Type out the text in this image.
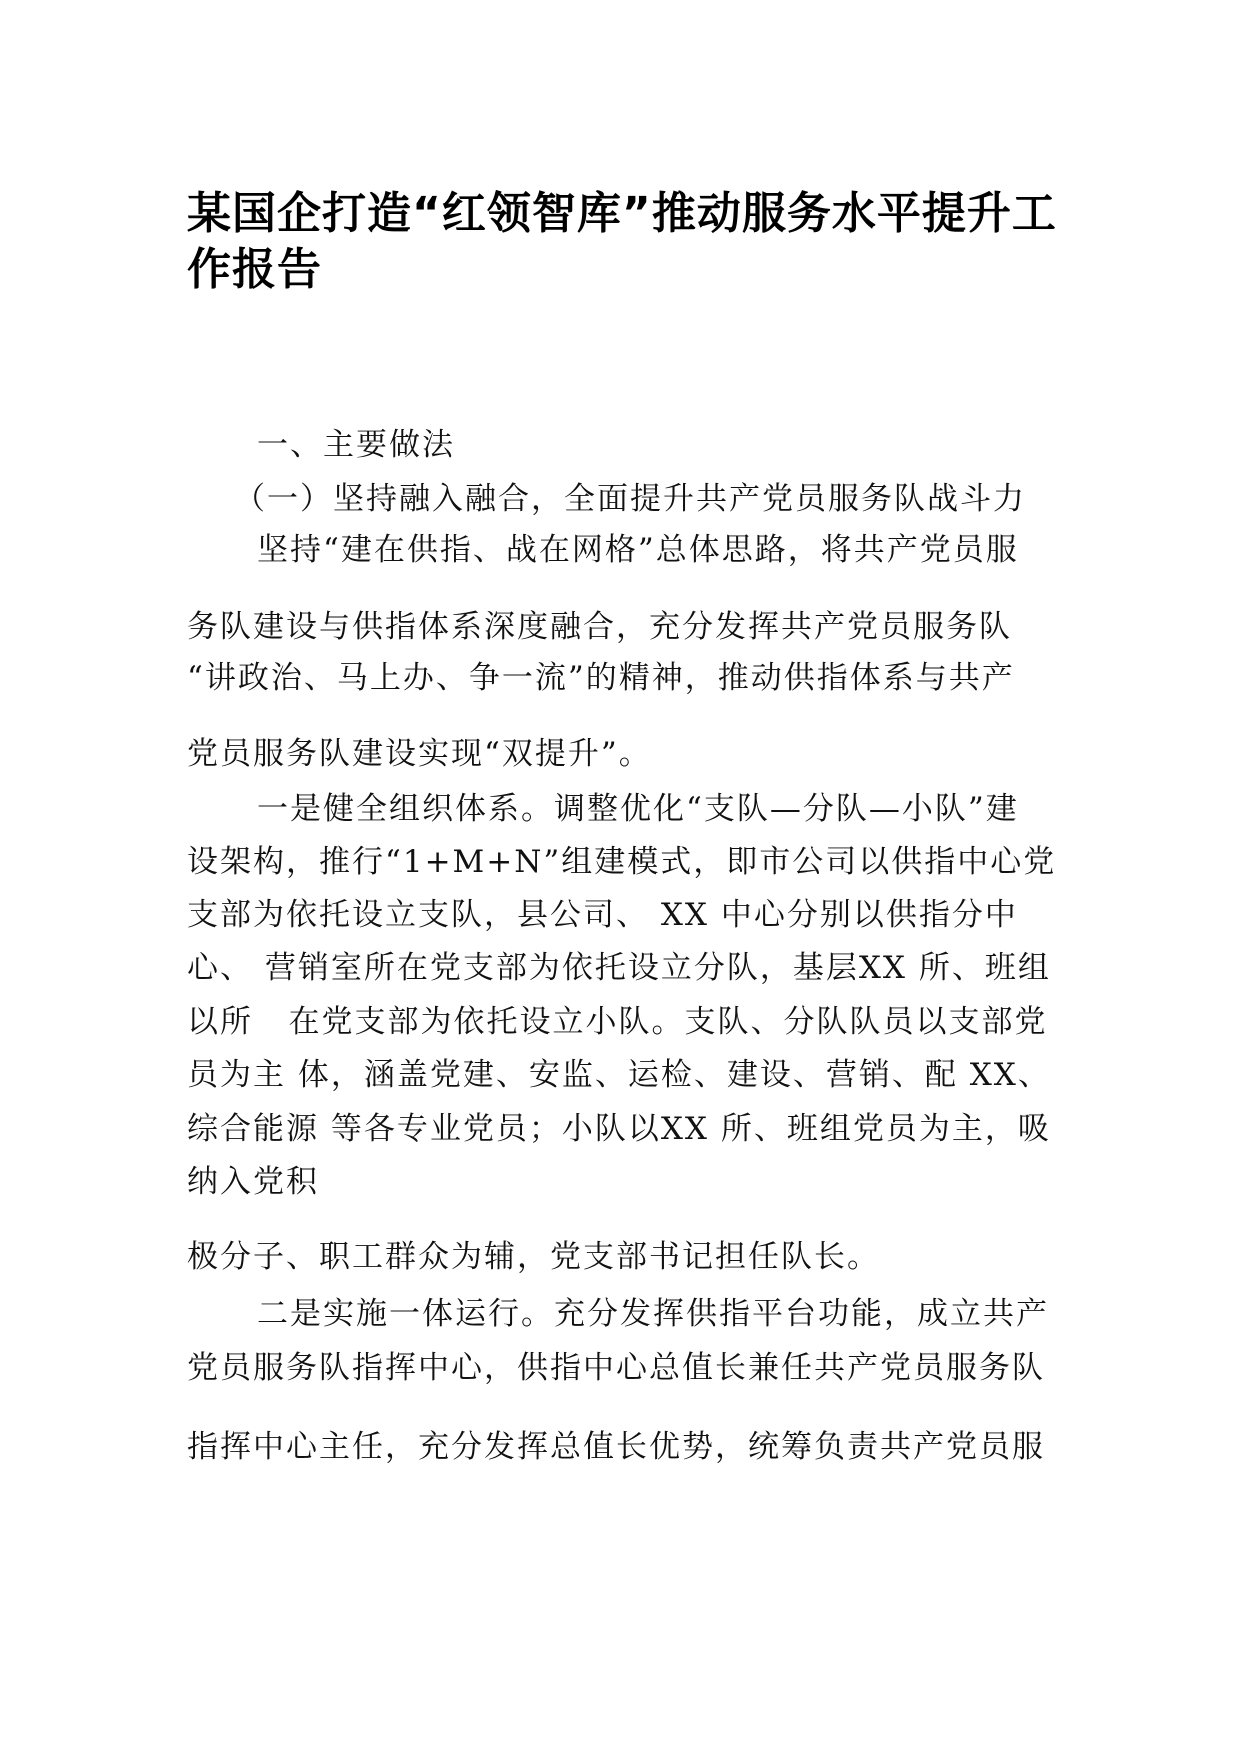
某国企打造“红领智库”推动服务水平提升工作报告

一、主要做法

（一）坚持融入融合，全面提升共产党员服务队战斗力

坚持“建在供指、战在网格”总体思路，将共产党员服

务队建设与供指体系深度融合，充分发挥共产党员服务队

“讲政治、马上办、争一流”的精神，推动供指体系与共产

党员服务队建设实现“双提升”。

一是健全组织体系。调整优化“支队—分队—小队”建

设架构，推行“1+M+N”组建模式，即市公司以供指中心党

支部为依托设立支队，县公司、 XX 中心分别以供指分中

心、 营销室所在党支部为依托设立分队，基层XX 所、班组

以所   在党支部为依托设立小队。支队、分队队员以支部党

员为主 体，涵盖党建、安监、运检、建设、营销、配 XX、

综合能源 等各专业党员；小队以XX 所、班组党员为主，吸

纳入党积

极分子、职工群众为辅，党支部书记担任队长。

二是实施一体运行。充分发挥供指平台功能，成立共产

党员服务队指挥中心，供指中心总值长兼任共产党员服务队

指挥中心主任，充分发挥总值长优势，统筹负责共产党员服
